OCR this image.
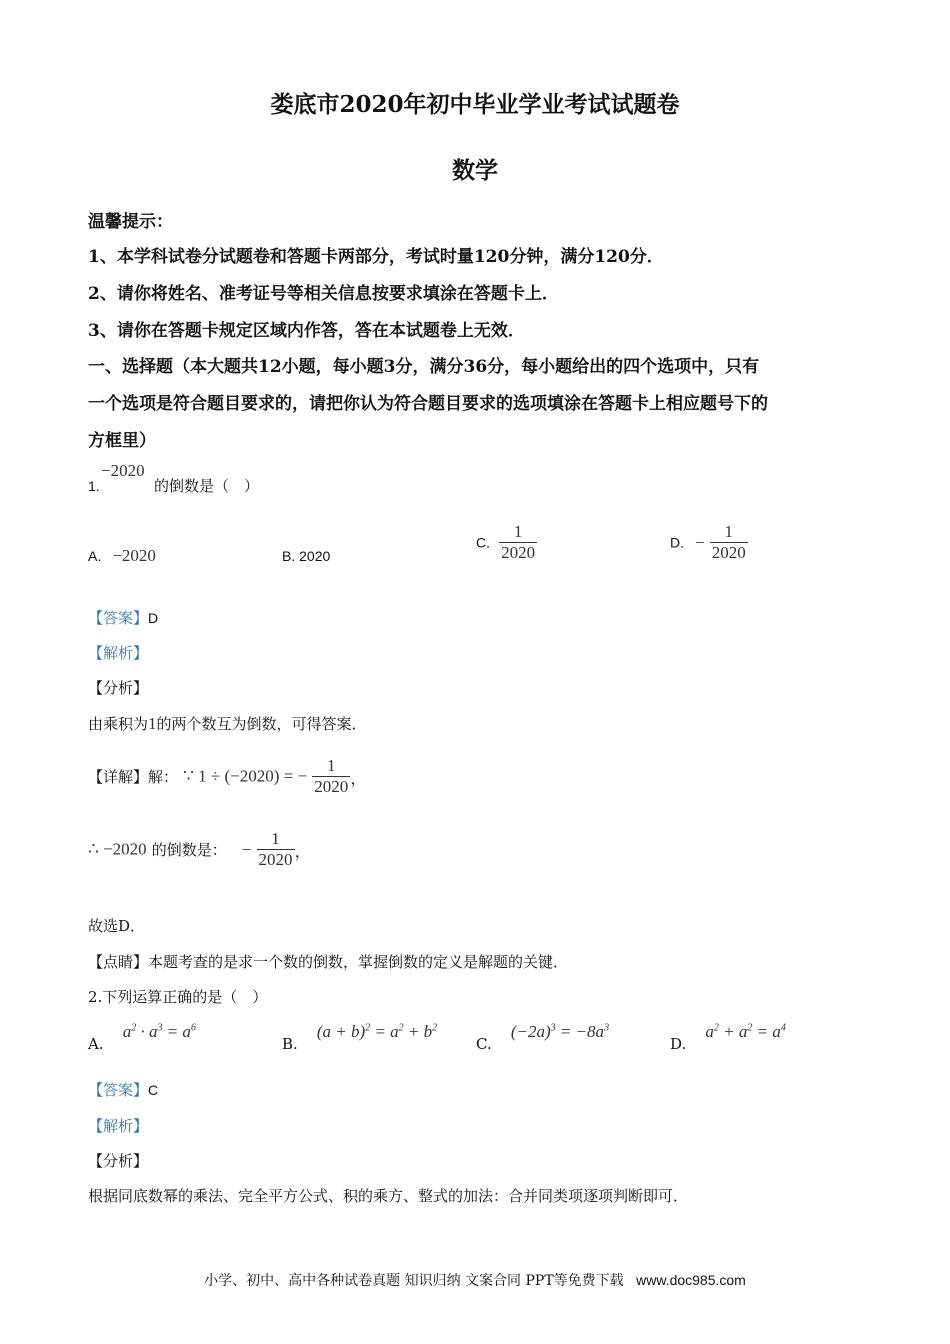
娄底市2020年初中毕业学业考试试题卷
数学
温馨提示：
1、本学科试卷分试题卷和答题卡两部分，考试时量120分钟，满分120分．
2、请你将姓名、准考证号等相关信息按要求填涂在答题卡上．
3、请你在答题卡规定区域内作答，答在本试题卷上无效．
一、选择题（本大题共12小题，每小题3分，满分36分，每小题给出的四个选项中，只有
一个选项是符合题目要求的，请把你认为符合题目要求的选项填涂在答题卡上相应题号下的
方框里）
1.
−2020
的倒数是（　）
A. −2020	B. 2020
C. $\frac{1}{2020}$	D. − $\frac{1}{2020}$
【答案】D
【解析】
【分析】
由乘积为1的两个数互为倒数，可得答案．
【详解】解： ∵ 1 ÷ (−2020) = − $\frac{1}{2020}$ ，
∴ −2020 的倒数是： − $\frac{1}{2020}$ ，
故选D．
【点睛】本题考查的是求一个数的倒数，掌握倒数的定义是解题的关键．
2.下列运算正确的是（　）
A. $a^2 \cdot a^3 = a^6$
B. $(a + b)^2 = a^2 + b^2$
C. $(-2a)^3 = -8a^3$
D. $a^2 + a^2 = a^4$
【答案】C
【解析】
【分析】
根据同底数幂的乘法、完全平方公式、积的乘方、整式的加法：合并同类项逐项判断即可．
小学、初中、高中各种试卷真题 知识归纳 文案合同 PPT等免费下载 www.doc985.com
